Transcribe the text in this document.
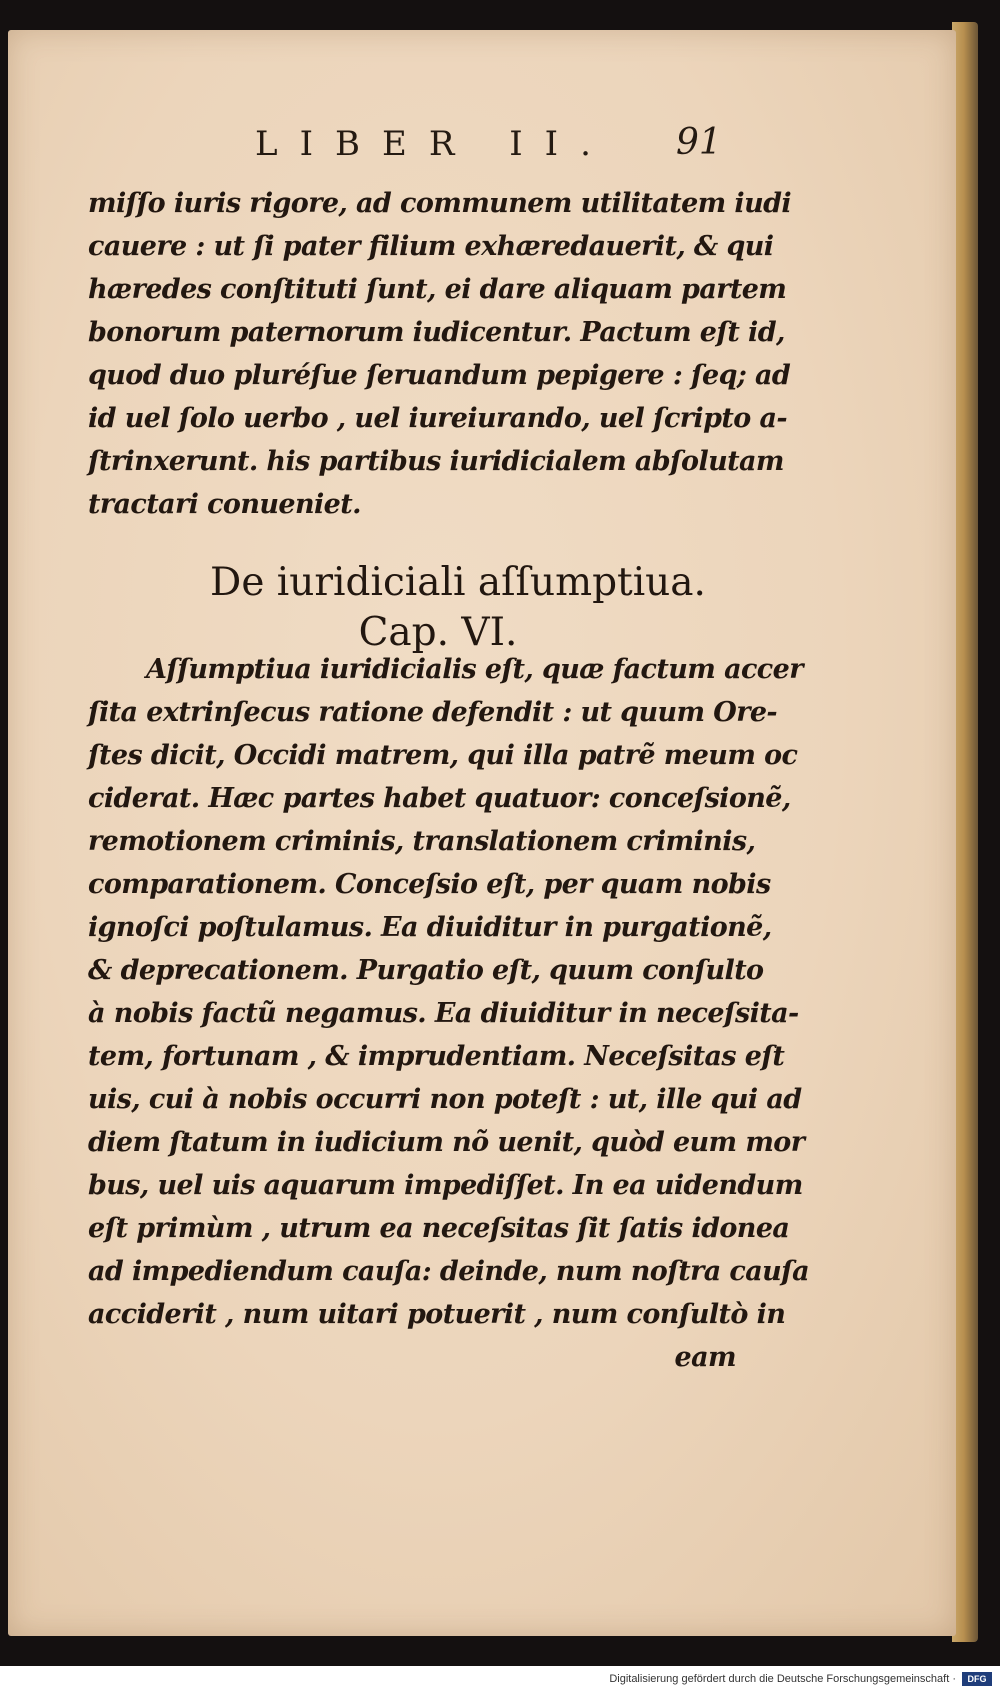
LIBER II. 91
miſſo iuris rigore, ad communem utilitatem iudi
cauere : ut ſi pater filium exhæredauerit, & qui
hæredes conſtituti ſunt, ei dare aliquam partem
bonorum paternorum iudicentur. Pactum eſt id,
quod duo pluréſue ſeruandum pepigere : ſeq; ad
id uel ſolo uerbo , uel iureiurando, uel ſcripto a-
ſtrinxerunt. his partibus iuridicialem abſolutam
tractari conueniet.
De iuridiciali aſſumptiua.
Cap. VI.
Aſſumptiua iuridicialis eſt, quæ factum accer
ſita extrinſecus ratione defendit : ut quum Ore-
ſtes dicit, Occidi matrem, qui illa patrẽ meum oc
ciderat. Hæc partes habet quatuor: conceſsionẽ,
remotionem criminis, translationem criminis,
comparationem. Conceſsio eſt, per quam nobis
ignoſci poſtulamus. Ea diuiditur in purgationẽ,
& deprecationem. Purgatio eſt, quum conſulto
à nobis factũ negamus. Ea diuiditur in neceſsita-
tem, fortunam , & imprudentiam. Neceſsitas eſt
uis, cui à nobis occurri non poteſt : ut, ille qui ad
diem ſtatum in iudicium nõ uenit, quòd eum mor
bus, uel uis aquarum impediſſet. In ea uidendum
eſt primùm , utrum ea neceſsitas ſit ſatis idonea
ad impediendum cauſa: deinde, num noſtra cauſa
acciderit , num uitari potuerit , num conſultò in
eam
Digitalisierung gefördert durch die Deutsche Forschungsgemeinschaft ·	DFG
